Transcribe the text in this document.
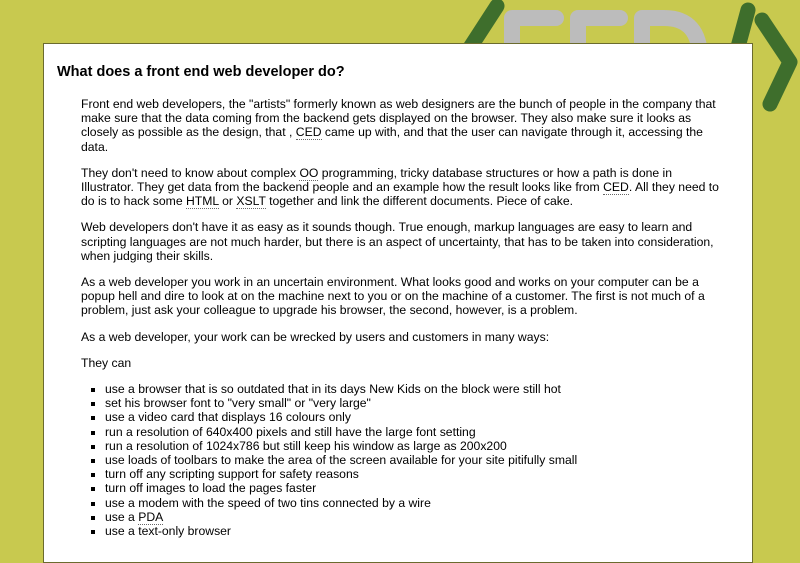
What does a front end web developer do?

Front end web developers, the "artists" formerly known as web designers are the bunch of people in the company that make sure that the data coming from the backend gets displayed on the browser. They also make sure it looks as closely as possible as the design, that , CED came up with, and that the user can navigate through it, accessing the data.

They don't need to know about complex OO programming, tricky database structures or how a path is done in Illustrator. They get data from the backend people and an example how the result looks like from CED. All they need to do is to hack some HTML or XSLT together and link the different documents. Piece of cake.

Web developers don't have it as easy as it sounds though. True enough, markup languages are easy to learn and scripting languages are not much harder, but there is an aspect of uncertainty, that has to be taken into consideration, when judging their skills.

As a web developer you work in an uncertain environment. What looks good and works on your computer can be a popup hell and dire to look at on the machine next to you or on the machine of a customer. The first is not much of a problem, just ask your colleague to upgrade his browser, the second, however, is a problem.

As a web developer, your work can be wrecked by users and customers in many ways:

They can

▪ use a browser that is so outdated that in its days New Kids on the block were still hot
▪ set his browser font to "very small" or "very large"
▪ use a video card that displays 16 colours only
▪ run a resolution of 640x400 pixels and still have the large font setting
▪ run a resolution of 1024x786 but still keep his window as large as 200x200
▪ use loads of toolbars to make the area of the screen available for your site pitifully small
▪ turn off any scripting support for safety reasons
▪ turn off images to load the pages faster
▪ use a modem with the speed of two tins connected by a wire
▪ use a PDA
▪ use a text-only browser
